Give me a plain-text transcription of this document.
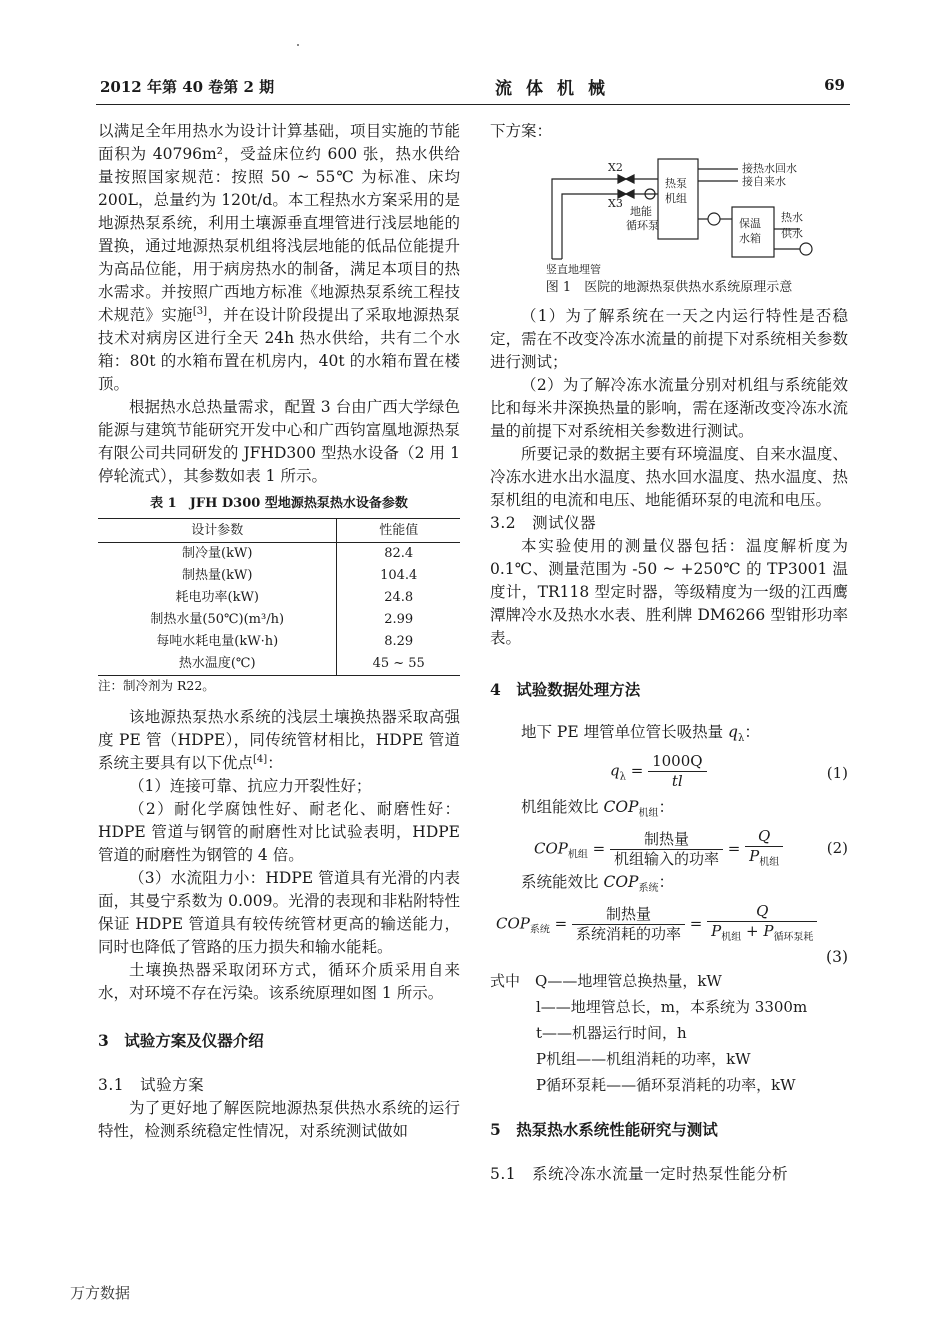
2012 年第 40 卷第 2 期	流体机械	69

以满足全年用热水为设计计算基础，项目实施的节能面积为 40796m²，受益床位约 600 张，热水供给量按照国家规范：按照 50 ~ 55℃ 为标准、床均 200L，总量约为 120t/d。本工程热水方案采用的是地源热泵系统，利用土壤源垂直埋管进行浅层地能的置换，通过地源热泵机组将浅层地能的低品位能提升为高品位能，用于病房热水的制备，满足本项目的热水需求。并按照广西地方标准《地源热泵系统工程技术规范》实施[3]，并在设计阶段提出了采取地源热泵技术对病房区进行全天 24h 热水供给，共有二个水箱：80t 的水箱布置在机房内，40t 的水箱布置在楼顶。

根据热水总热量需求，配置 3 台由广西大学绿色能源与建筑节能研究开发中心和广西钧富凰地源热泵有限公司共同研发的 JFHD300 型热水设备（2 用 1 停轮流式），其参数如表 1 所示。

表 1　JFH D300 型地源热泵热水设备参数
设计参数	性能值
制冷量(kW)	82.4
制热量(kW)	104.4
耗电功率(kW)	24.8
制热水量(50℃)(m³/h)	2.99
每吨水耗电量(kW·h)	8.29
热水温度(℃)	45 ~ 55

注：制冷剂为 R22。

该地源热泵热水系统的浅层土壤换热器采取高强度 PE 管（HDPE），同传统管材相比，HDPE 管道系统主要具有以下优点[4]：

（1）连接可靠、抗应力开裂性好；

（2）耐化学腐蚀性好、耐老化、耐磨性好：HDPE 管道与钢管的耐磨性对比试验表明，HDPE 管道的耐磨性为钢管的 4 倍。

（3）水流阻力小：HDPE 管道具有光滑的内表面，其曼宁系数为 0.009。光滑的表现和非粘附特性保证 HDPE 管道具有较传统管材更高的输送能力，同时也降低了管路的压力损失和输水能耗。

土壤换热器采取闭环方式，循环介质采用自来水，对环境不存在污染。该系统原理如图 1 所示。

3　试验方案及仪器介绍

3.1　试验方案

为了更好地了解医院地源热泵供热水系统的运行特性，检测系统稳定性情况，对系统测试做如

下方案：

X2
X3
地能
循环泵
热泵
机组
接热水回水
接自来水
保温
水箱
热水
供水
竖直地埋管
图 1　医院的地源热泵供热水系统原理示意

（1）为了解系统在一天之内运行特性是否稳定，需在不改变冷冻水流量的前提下对系统相关参数进行测试；

（2）为了解冷冻水流量分别对机组与系统能效比和每米井深换热量的影响，需在逐渐改变冷冻水流量的前提下对系统相关参数进行测试。

所要记录的数据主要有环境温度、自来水温度、冷冻水进水出水温度、热水回水温度、热水温度、热泵机组的电流和电压、地能循环泵的电流和电压。

3.2　测试仪器

本实验使用的测量仪器包括：温度解析度为 0.1℃、测量范围为 -50 ~ +250℃ 的 TP3001 温度计，TR118 型定时器，等级精度为一级的江西鹰潭牌冷水及热水水表、胜利牌 DM6266 型钳形功率表。

4　试验数据处理方法

地下 PE 埋管单位管长吸热量 $q_\lambda$：

$q_\lambda = \frac{1000Q}{tl}$	(1)

机组能效比 $COP_{机组}$：

$COP_{机组} = \frac{\text{制热量}}{\text{机组输入的功率}} = \frac{Q}{P_{机组}}$	(2)

系统能效比 $COP_{系统}$：

$COP_{系统} = \frac{\text{制热量}}{\text{系统消耗的功率}} = \frac{Q}{P_{机组} + P_{循环泵耗}}$
(3)
式中　 Q——地埋管总换热量，kW
l——地埋管总长，m，本系统为 3300m
t——机器运行时间，h
P机组——机组消耗的功率，kW
P循环泵耗——循环泵消耗的功率，kW

5　热泵热水系统性能研究与测试

5.1　系统冷冻水流量一定时热泵性能分析

万方数据
